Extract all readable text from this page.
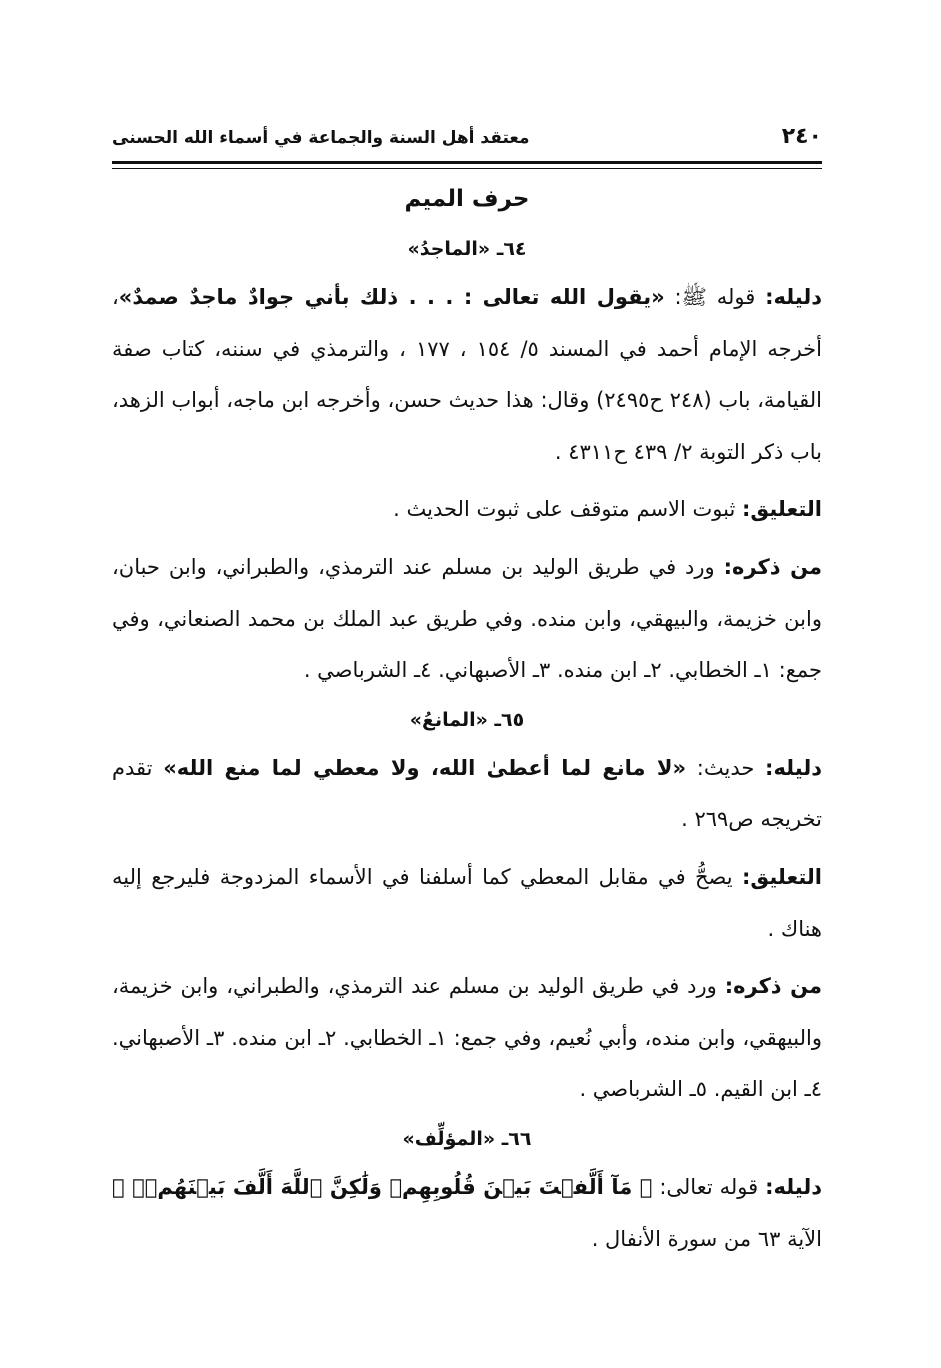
٢٤٠
معتقد أهل السنة والجماعة في أسماء الله الحسنى
حرف الميم
٦٤ـ «الماجدُ»

دليله: قوله ﷺ: «يقول الله تعالى : . . . ذلك بأني جوادٌ ماجدٌ صمدٌ»، أخرجه الإمام أحمد في المسند ٥/ ١٥٤ ، ١٧٧ ، والترمذي في سننه، كتاب صفة القيامة، باب (٢٤٨ ح٢٤٩٥) وقال: هذا حديث حسن، وأخرجه ابن ماجه، أبواب الزهد، باب ذكر التوبة ٢/ ٤٣٩ ح٤٣١١ .

التعليق: ثبوت الاسم متوقف على ثبوت الحديث .

من ذكره: ورد في طريق الوليد بن مسلم عند الترمذي، والطبراني، وابن حبان، وابن خزيمة، والبيهقي، وابن منده. وفي طريق عبد الملك بن محمد الصنعاني، وفي جمع: ١ـ الخطابي. ٢ـ ابن منده. ٣ـ الأصبهاني. ٤ـ الشرباصي .

٦٥ـ «المانعُ»

دليله: حديث: «لا مانع لما أعطىٰ الله، ولا معطي لما منع الله» تقدم تخريجه ص٢٦٩ .

التعليق: يصحُّ في مقابل المعطي كما أسلفنا في الأسماء المزدوجة فليرجع إليه هناك .

من ذكره: ورد في طريق الوليد بن مسلم عند الترمذي، والطبراني، وابن خزيمة، والبيهقي، وابن منده، وأبي نُعيم، وفي جمع: ١ـ الخطابي. ٢ـ ابن منده. ٣ـ الأصبهاني. ٤ـ ابن القيم. ٥ـ الشرباصي .

٦٦ـ «المؤلِّف»

دليله: قوله تعالى: ﴿ مَآ أَلَّفۡتَ بَيۡنَ قُلُوبِهِمۡ وَلَٰكِنَّ ٱللَّهَ أَلَّفَ بَيۡنَهُمۡۚ ﴾ الآية ٦٣ من سورة الأنفال .
